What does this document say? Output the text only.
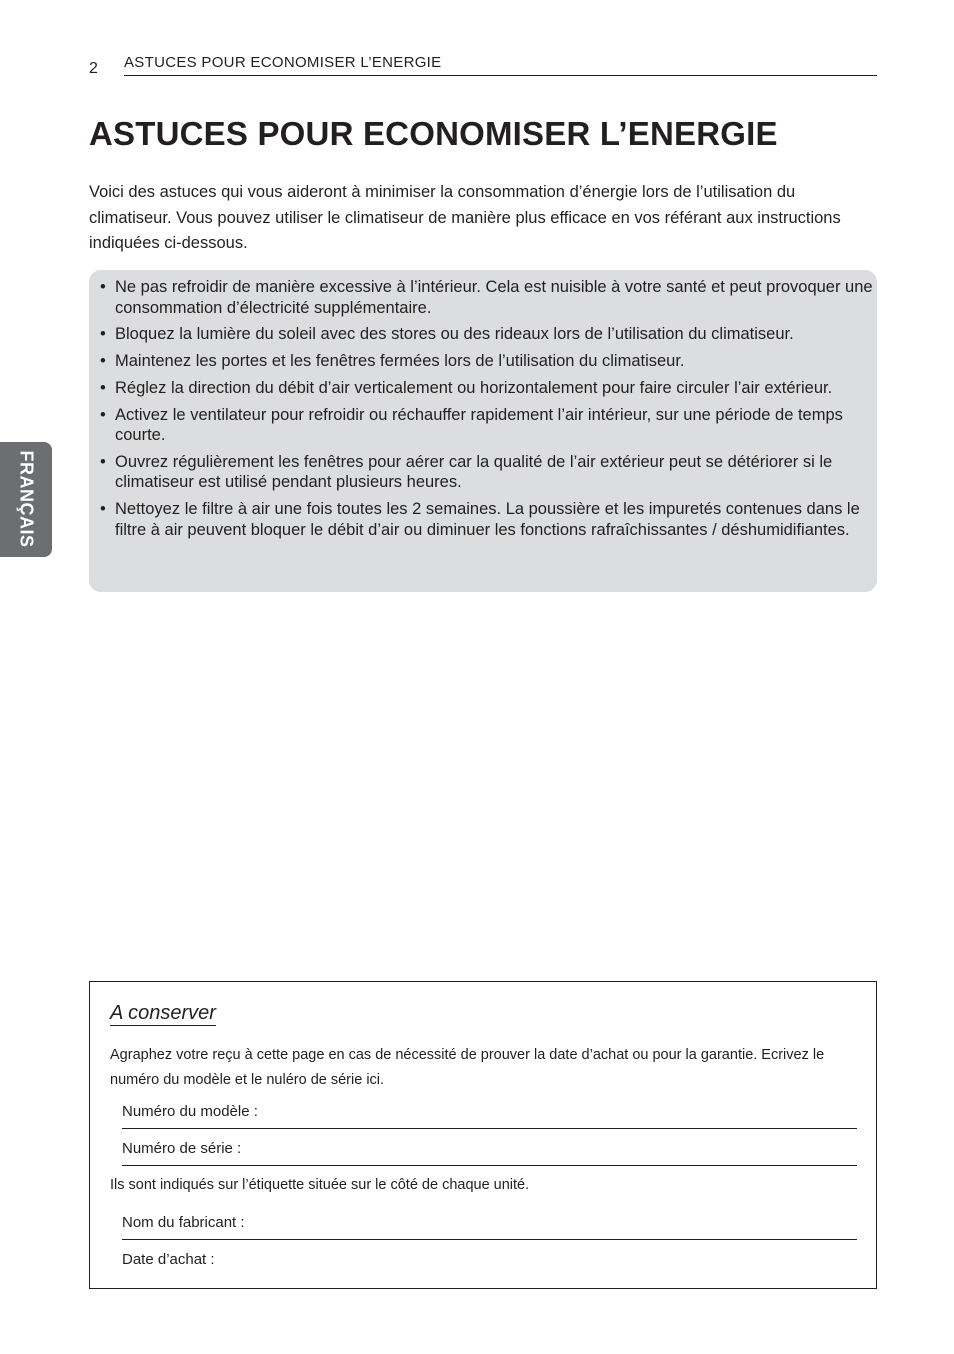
2 ASTUCES POUR ECONOMISER L’ENERGIE
FRANÇAIS
ASTUCES POUR ECONOMISER L’ENERGIE

Voici des astuces qui vous aideront à minimiser la consommation d’énergie lors de l’utilisation du climatiseur. Vous pouvez utiliser le climatiseur de manière plus efficace en vos référant aux instructions indiquées ci-dessous.

• Ne pas refroidir de manière excessive à l’intérieur. Cela est nuisible à votre santé et peut provoquer une consommation d’électricité supplémentaire.
• Bloquez la lumière du soleil avec des stores ou des rideaux lors de l’utilisation du climatiseur.
• Maintenez les portes et les fenêtres fermées lors de l’utilisation du climatiseur.
• Réglez la direction du débit d’air verticalement ou horizontalement pour faire circuler l’air extérieur.
• Activez le ventilateur pour refroidir ou réchauffer rapidement l’air intérieur, sur une période de temps courte.
• Ouvrez régulièrement les fenêtres pour aérer car la qualité de l’air extérieur peut se détériorer si le climatiseur est utilisé pendant plusieurs heures.
• Nettoyez le filtre à air une fois toutes les 2 semaines. La poussière et les impuretés contenues dans le filtre à air peuvent bloquer le débit d’air ou diminuer les fonctions rafraîchissantes / déshumidifiantes.
A conserver

Agraphez votre reçu à cette page en cas de nécessité de prouver la date d’achat ou pour la garantie. Ecrivez le numéro du modèle et le nuléro de série ici.

Numéro du modèle :
Numéro de série :
Ils sont indiqués sur l’étiquette située sur le côté de chaque unité.
Nom du fabricant :
Date d’achat :
